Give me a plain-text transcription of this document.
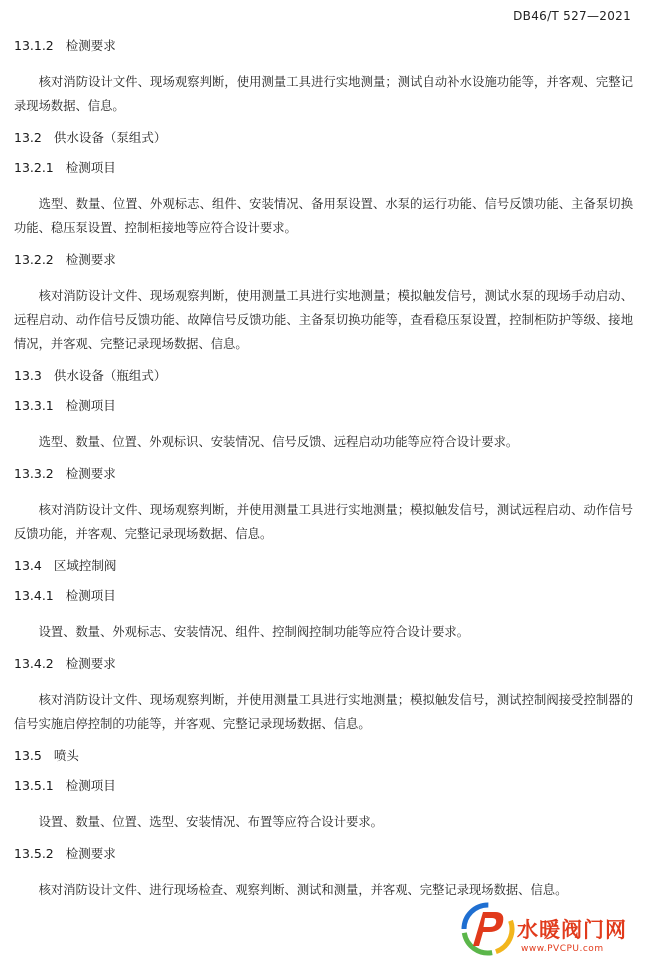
DB46/T 527—2021
13.1.2 检测要求

核对消防设计文件、现场观察判断，使用测量工具进行实地测量；测试自动补水设施功能等，并客观、完整记录现场数据、信息。

13.2 供水设备（泵组式）
13.2.1 检测项目

选型、数量、位置、外观标志、组件、安装情况、备用泵设置、水泵的运行功能、信号反馈功能、主备泵切换功能、稳压泵设置、控制柜接地等应符合设计要求。

13.2.2 检测要求

核对消防设计文件、现场观察判断，使用测量工具进行实地测量；模拟触发信号，测试水泵的现场手动启动、远程启动、动作信号反馈功能、故障信号反馈功能、主备泵切换功能等，查看稳压泵设置，控制柜防护等级、接地情况，并客观、完整记录现场数据、信息。

13.3 供水设备（瓶组式）
13.3.1 检测项目

选型、数量、位置、外观标识、安装情况、信号反馈、远程启动功能等应符合设计要求。

13.3.2 检测要求

核对消防设计文件、现场观察判断，并使用测量工具进行实地测量；模拟触发信号，测试远程启动、动作信号反馈功能，并客观、完整记录现场数据、信息。

13.4 区域控制阀
13.4.1 检测项目

设置、数量、外观标志、安装情况、组件、控制阀控制功能等应符合设计要求。

13.4.2 检测要求

核对消防设计文件、现场观察判断，并使用测量工具进行实地测量；模拟触发信号，测试控制阀接受控制器的信号实施启停控制的功能等，并客观、完整记录现场数据、信息。

13.5 喷头
13.5.1 检测项目

设置、数量、位置、选型、安装情况、布置等应符合设计要求。

13.5.2 检测要求

核对消防设计文件、进行现场检查、观察判断、测试和测量，并客观、完整记录现场数据、信息。

水暖阀门网
www.PVCPU.com
